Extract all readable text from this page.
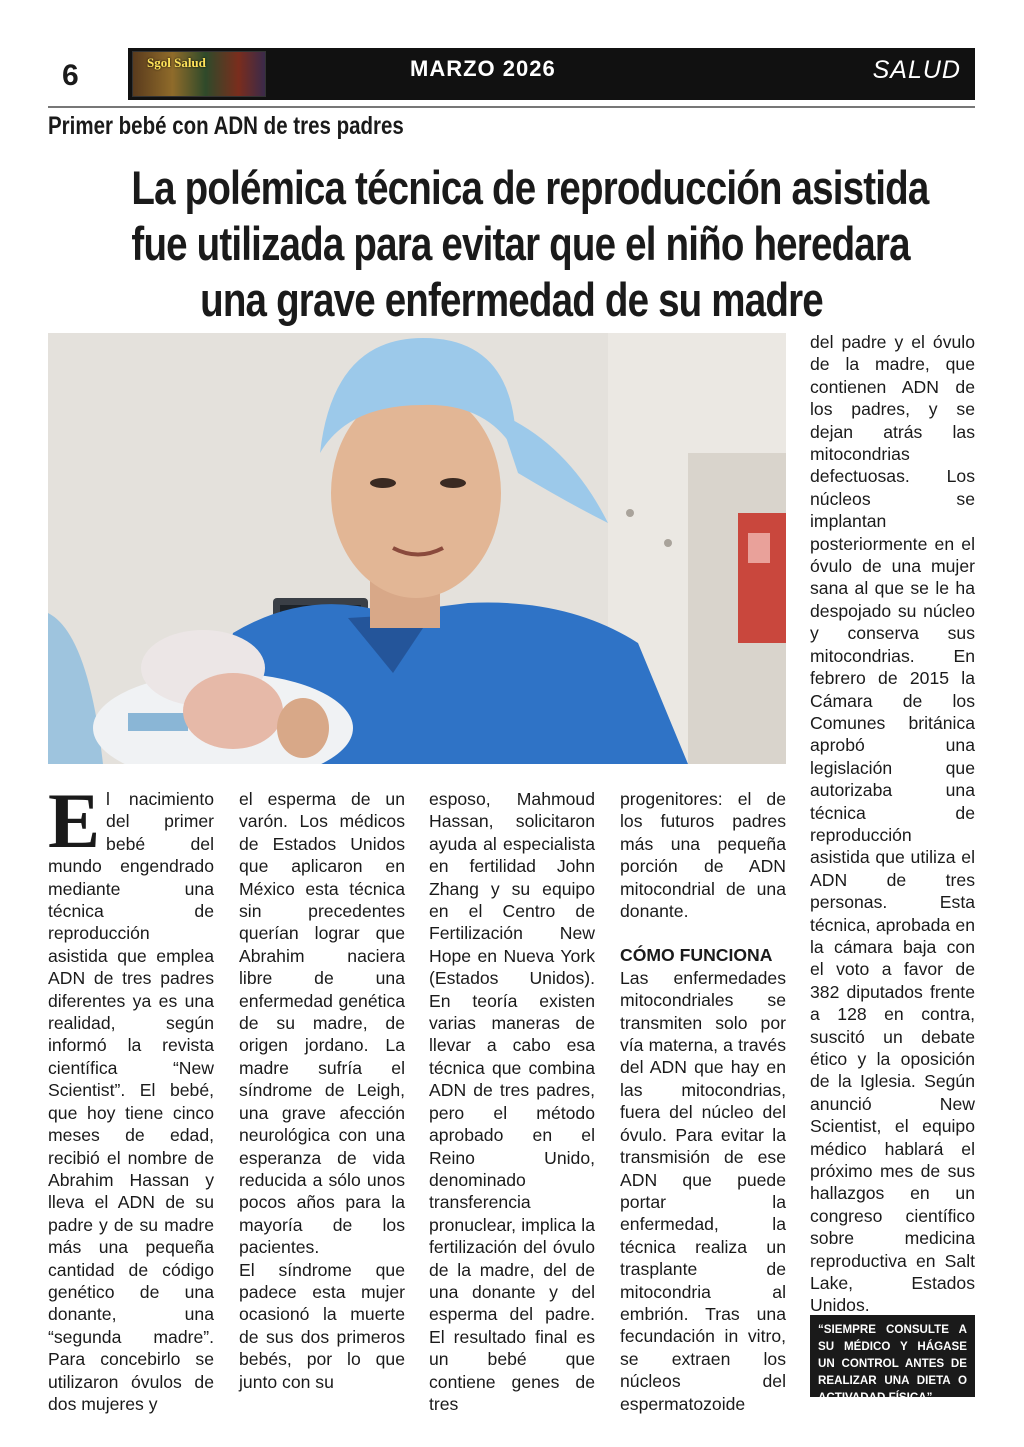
6	Sgol Salud	MARZO 2026	SALUD
Primer bebé con ADN de tres padres
La polémica técnica de reproducción asistida
fue utilizada para evitar que el niño heredara
una grave enfermedad de su madre

El nacimiento del primer bebé del mundo engendrado mediante una técnica de reproducción asistida que emplea ADN de tres padres diferentes ya es una realidad, según informó la revista científica “New Scientist”. El bebé, que hoy tiene cinco meses de edad, recibió el nombre de Abrahim Hassan y lleva el ADN de su padre y de su madre más una pequeña cantidad de código genético de una donante, una “segunda madre”. Para concebirlo se utilizaron óvulos de dos mujeres y

el esperma de un varón. Los médicos de Estados Unidos que aplicaron en México esta técnica sin precedentes querían lograr que Abrahim naciera libre de una enfermedad genética de su madre, de origen jordano. La madre sufría el síndrome de Leigh, una grave afección neurológica con una esperanza de vida reducida a sólo unos pocos años para la mayoría de los pacientes.

El síndrome que padece esta mujer ocasionó la muerte de sus dos primeros bebés, por lo que junto con su

esposo, Mahmoud Hassan, solicitaron ayuda al especialista en fertilidad John Zhang y su equipo en el Centro de Fertilización New Hope en Nueva York (Estados Unidos). En teoría existen varias maneras de llevar a cabo esa técnica que combina ADN de tres padres, pero el método aprobado en el Reino Unido, denominado transferencia pronuclear, implica la fertilización del óvulo de la madre, del de una donante y del esperma del padre. El resultado final es un bebé que contiene genes de tres

progenitores: el de los futuros padres más una pequeña porción de ADN mitocondrial de una donante.

CÓMO FUNCIONA

Las enfermedades mitocondriales se transmiten solo por vía materna, a través del ADN que hay en las mitocondrias, fuera del núcleo del óvulo. Para evitar la transmisión de ese ADN que puede portar la enfermedad, la técnica realiza un trasplante de mitocondria al embrión. Tras una fecundación in vitro, se extraen los núcleos del espermatozoide

del padre y el óvulo de la madre, que contienen ADN de los padres, y se dejan atrás las mitocondrias defectuosas. Los núcleos se implantan posteriormente en el óvulo de una mujer sana al que se le ha despojado su núcleo y conserva sus mitocondrias. En febrero de 2015 la Cámara de los Comunes británica aprobó una legislación que autorizaba una técnica de reproducción asistida que utiliza el ADN de tres personas. Esta técnica, aprobada en la cámara baja con el voto a favor de 382 diputados frente a 128 en contra, suscitó un debate ético y la oposición de la Iglesia. Según anunció New Scientist, el equipo médico hablará el próximo mes de sus hallazgos en un congreso científico sobre medicina reproductiva en Salt Lake, Estados Unidos.

“SIEMPRE CONSULTE A SU MÉDICO Y HÁGASE UN CONTROL ANTES DE REALIZAR UNA DIETA O ACTIVADAD FÍSICA”
